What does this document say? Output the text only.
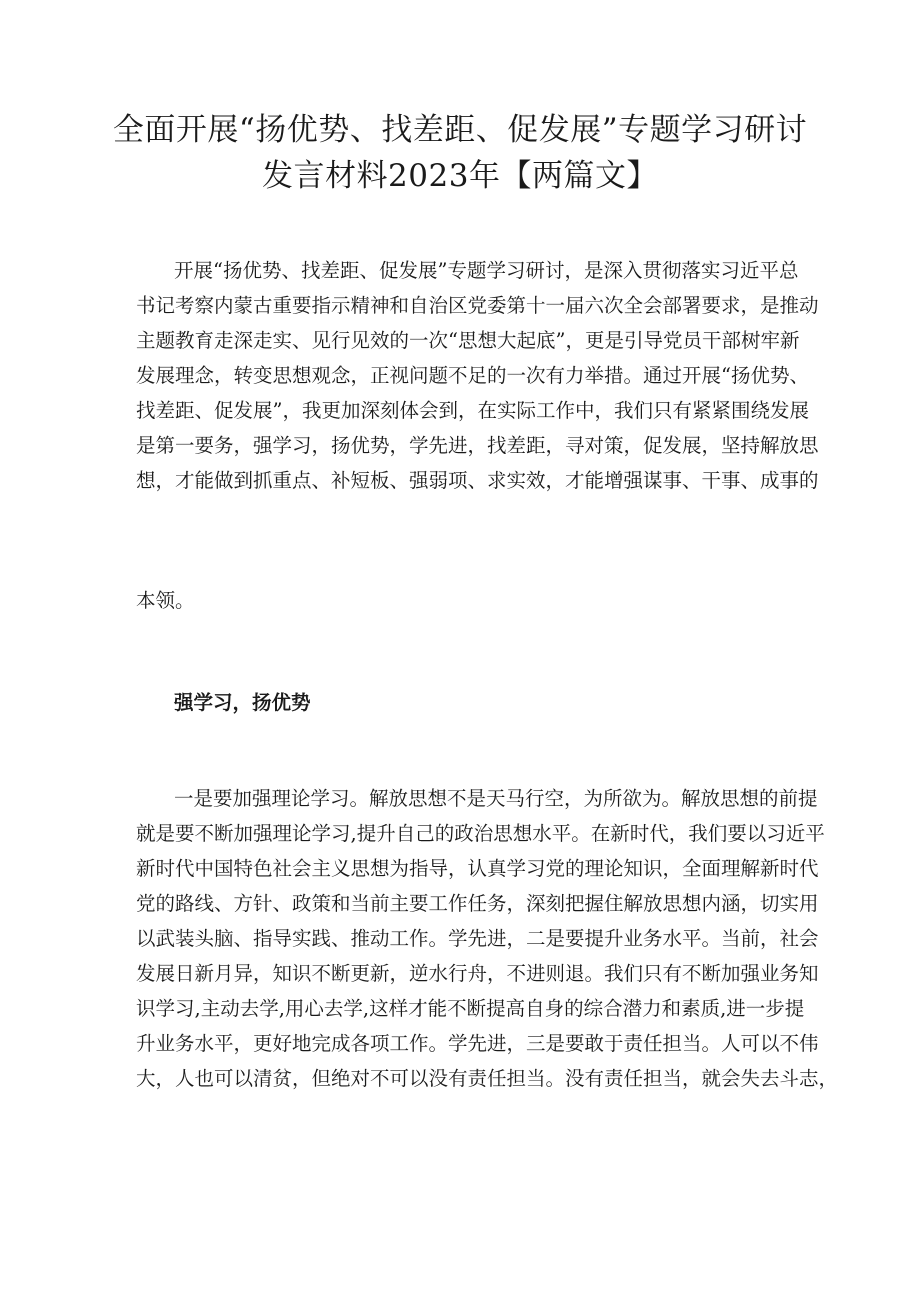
全面开展“扬优势、找差距、促发展”专题学习研讨
发言材料2023年【两篇文】

开展“扬优势、找差距、促发展”专题学习研讨，是深入贯彻落实习近平总

书记考察内蒙古重要指示精神和自治区党委第十一届六次全会部署要求，是推动

主题教育走深走实、见行见效的一次“思想大起底”，更是引导党员干部树牢新

发展理念，转变思想观念，正视问题不足的一次有力举措。通过开展“扬优势、

找差距、促发展”，我更加深刻体会到，在实际工作中，我们只有紧紧围绕发展

是第一要务，强学习，扬优势，学先进，找差距，寻对策，促发展，坚持解放思

想，才能做到抓重点、补短板、强弱项、求实效，才能增强谋事、干事、成事的

本领。

强学习，扬优势

一是要加强理论学习。解放思想不是天马行空，为所欲为。解放思想的前提

就是要不断加强理论学习,提升自己的政治思想水平。在新时代，我们要以习近平

新时代中国特色社会主义思想为指导，认真学习党的理论知识，全面理解新时代

党的路线、方针、政策和当前主要工作任务，深刻把握住解放思想内涵，切实用

以武装头脑、指导实践、推动工作。学先进，二是要提升业务水平。当前，社会

发展日新月异，知识不断更新，逆水行舟，不进则退。我们只有不断加强业务知

识学习,主动去学,用心去学,这样才能不断提高自身的综合潜力和素质,进一步提

升业务水平，更好地完成各项工作。学先进，三是要敢于责任担当。人可以不伟

大，人也可以清贫，但绝对不可以没有责任担当。没有责任担当，就会失去斗志，
